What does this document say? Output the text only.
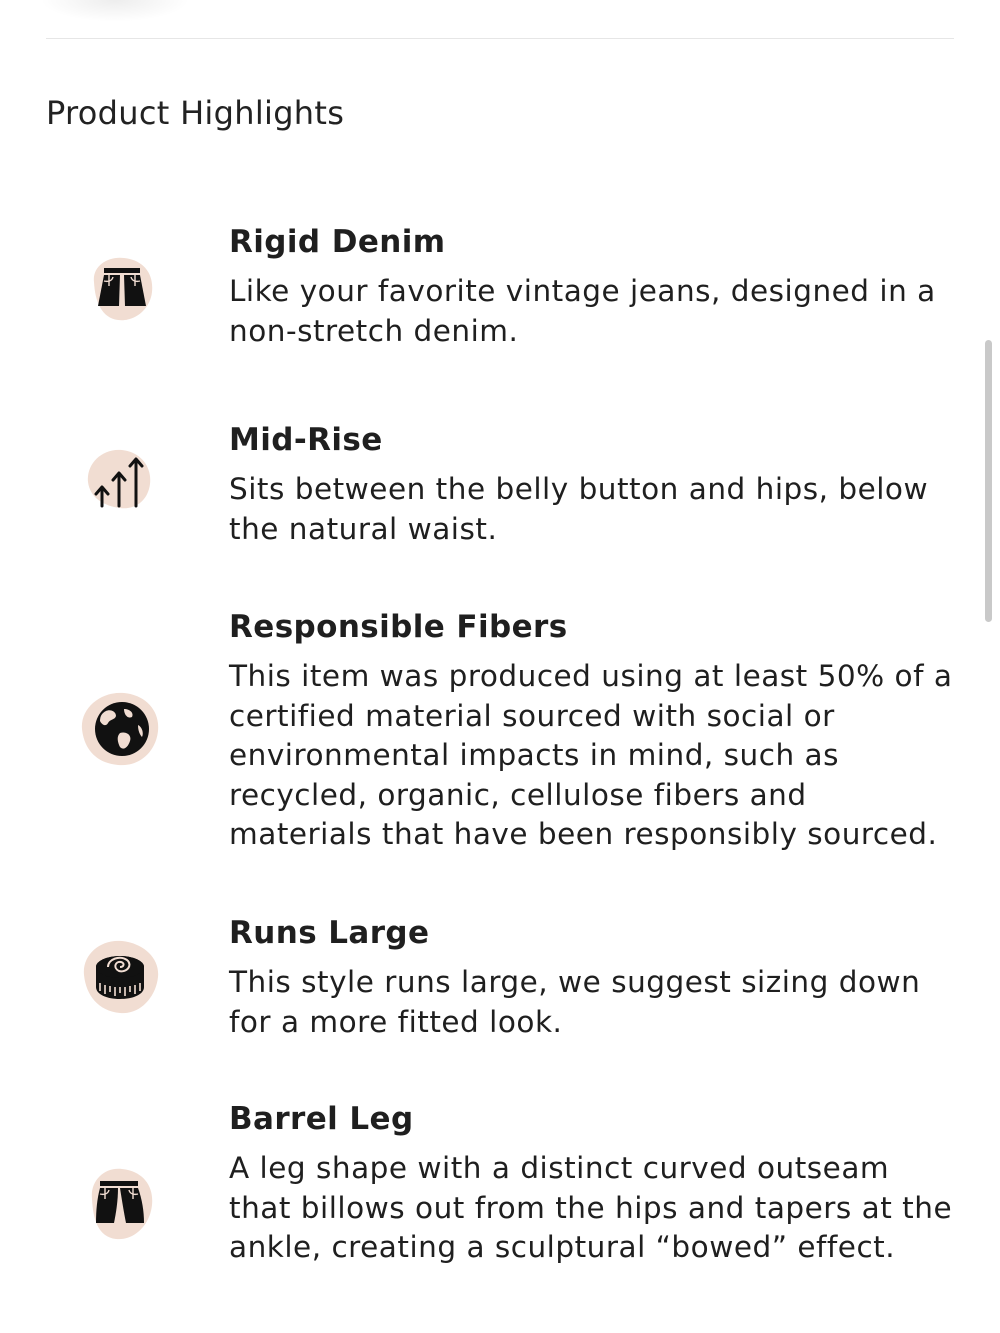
Product Highlights

Rigid Denim

Like your favorite vintage jeans, designed in a non-stretch denim.

Mid-Rise

Sits between the belly button and hips, below the natural waist.

Responsible Fibers

This item was produced using at least 50% of a certified material sourced with social or environmental impacts in mind, such as recycled, organic, cellulose fibers and materials that have been responsibly sourced.

Runs Large

This style runs large, we suggest sizing down for a more fitted look.

Barrel Leg

A leg shape with a distinct curved outseam that billows out from the hips and tapers at the ankle, creating a sculptural “bowed” effect.
